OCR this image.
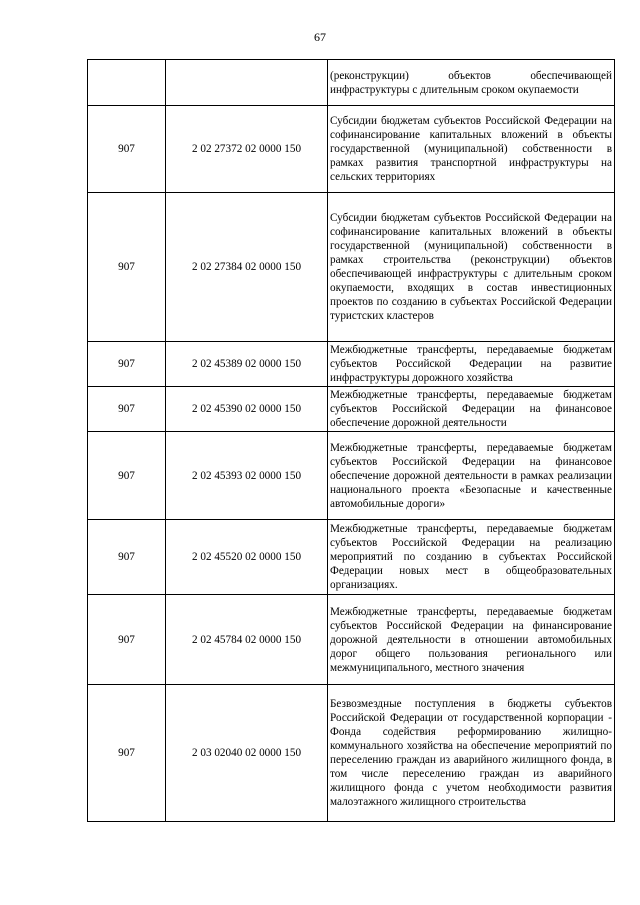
67

		(реконструкции) объектов обеспечивающей инфраструктуры с длительным сроком окупаемости

907	2 02 27372 02 0000 150	Субсидии бюджетам субъектов Российской Федерации на софинансирование капитальных вложений в объекты государственной (муниципальной) собственности в рамках развития транспортной инфраструктуры на сельских территориях

907	2 02 27384 02 0000 150	Субсидии бюджетам субъектов Российской Федерации на софинансирование капитальных вложений в объекты государственной (муниципальной) собственности в рамках строительства (реконструкции) объектов обеспечивающей инфраструктуры с длительным сроком окупаемости, входящих в состав инвестиционных проектов по созданию в субъектах Российской Федерации туристских кластеров

907	2 02 45389 02 0000 150	Межбюджетные трансферты, передаваемые бюджетам субъектов Российской Федерации на развитие инфраструктуры дорожного хозяйства

907	2 02 45390 02 0000 150	Межбюджетные трансферты, передаваемые бюджетам субъектов Российской Федерации на финансовое обеспечение дорожной деятельности

907	2 02 45393 02 0000 150	Межбюджетные трансферты, передаваемые бюджетам субъектов Российской Федерации на финансовое обеспечение дорожной деятельности в рамках реализации национального проекта «Безопасные и качественные автомобильные дороги»

907	2 02 45520 02 0000 150	Межбюджетные трансферты, передаваемые бюджетам субъектов Российской Федерации на реализацию мероприятий по созданию в субъектах Российской Федерации новых мест в общеобразовательных организациях.

907	2 02 45784 02 0000 150	Межбюджетные трансферты, передаваемые бюджетам субъектов Российской Федерации на финансирование дорожной деятельности в отношении автомобильных дорог общего пользования регионального или межмуниципального, местного значения

907	2 03 02040 02 0000 150	Безвозмездные поступления в бюджеты субъектов Российской Федерации от государственной корпорации - Фонда содействия реформированию жилищно-коммунального хозяйства на обеспечение мероприятий по переселению граждан из аварийного жилищного фонда, в том числе переселению граждан из аварийного жилищного фонда с учетом необходимости развития малоэтажного жилищного строительства
